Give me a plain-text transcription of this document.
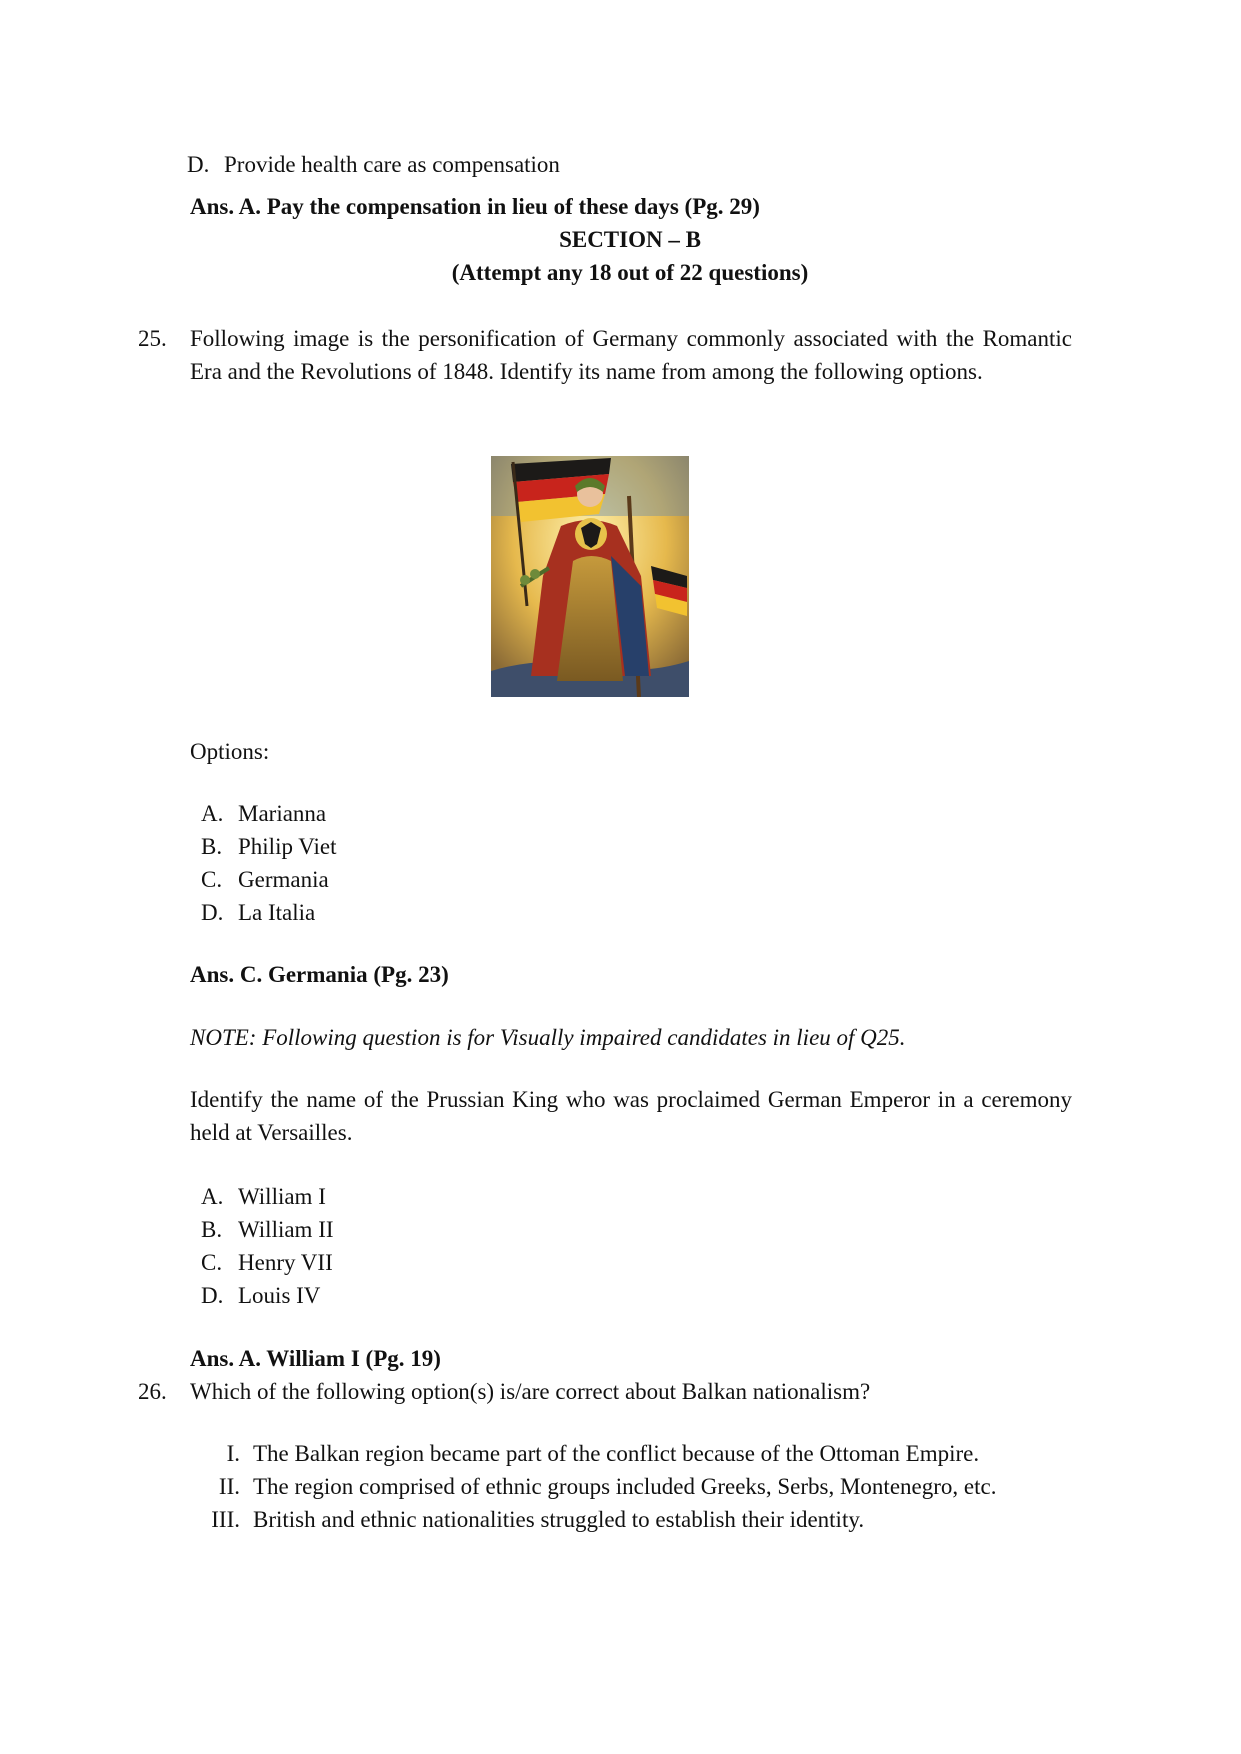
D. Provide health care as compensation
Ans. A. Pay the compensation in lieu of these days (Pg. 29)
SECTION – B
(Attempt any 18 out of 22 questions)
25. Following image is the personification of Germany commonly associated with the Romantic Era and the Revolutions of 1848. Identify its name from among the following options.
Options:
A. Marianna
B. Philip Viet
C. Germania
D. La Italia
Ans. C. Germania (Pg. 23)
NOTE: Following question is for Visually impaired candidates in lieu of Q25.
Identify the name of the Prussian King who was proclaimed German Emperor in a ceremony held at Versailles.
A. William I
B. William II
C. Henry VII
D. Louis IV
Ans. A. William I (Pg. 19)
26. Which of the following option(s) is/are correct about Balkan nationalism?
I. The Balkan region became part of the conflict because of the Ottoman Empire.
II. The region comprised of ethnic groups included Greeks, Serbs, Montenegro, etc.
III. British and ethnic nationalities struggled to establish their identity.
